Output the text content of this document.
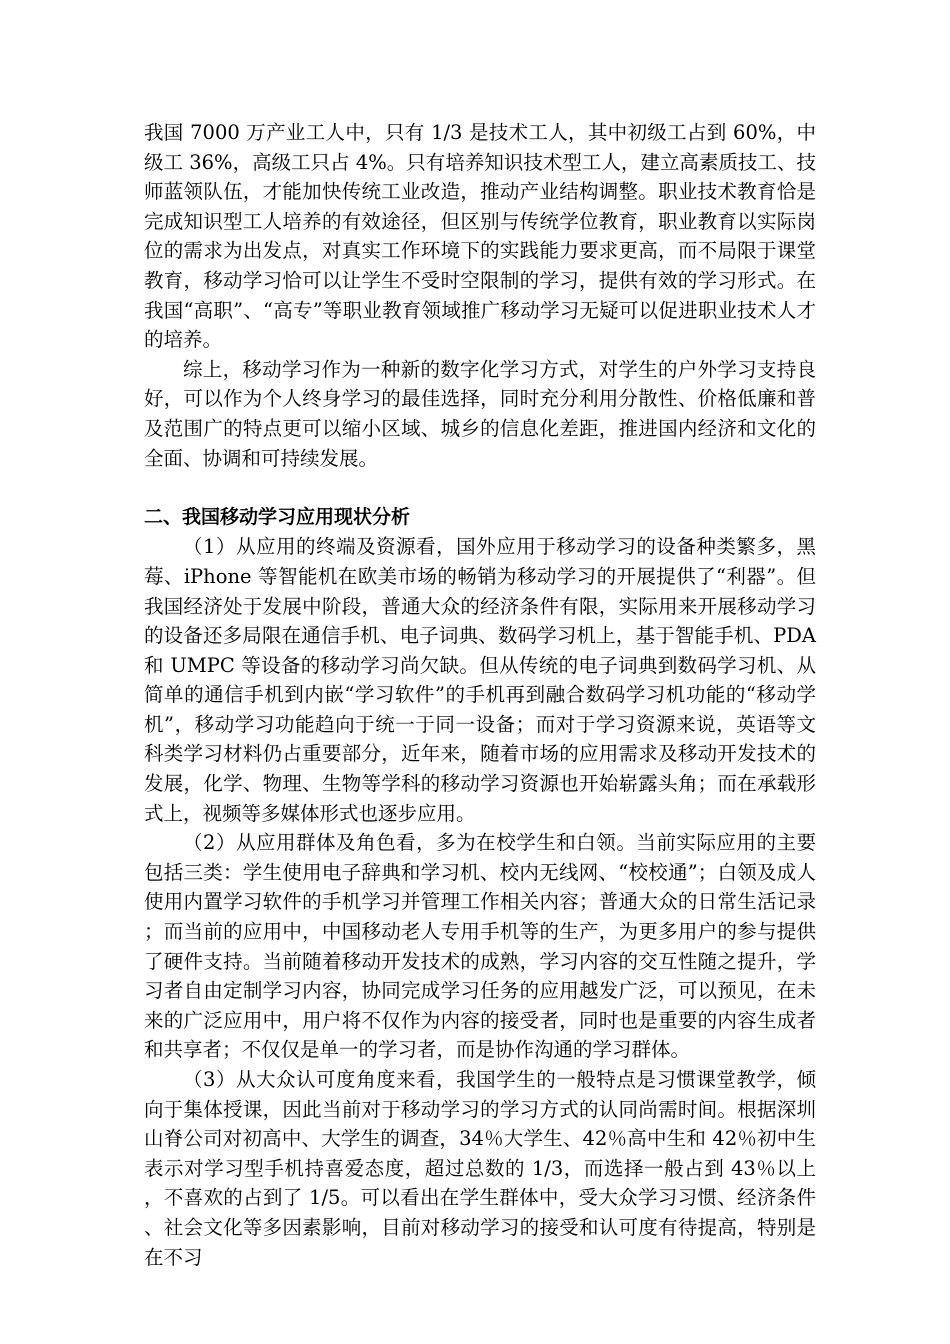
我国 7000 万产业工人中，只有 1/3 是技术工人，其中初级工占到 60%，中级工 36%，高级工只占 4%。只有培养知识技术型工人，建立高素质技工、技师蓝领队伍，才能加快传统工业改造，推动产业结构调整。职业技术教育恰是完成知识型工人培养的有效途径，但区别与传统学位教育，职业教育以实际岗位的需求为出发点，对真实工作环境下的实践能力要求更高，而不局限于课堂教育，移动学习恰可以让学生不受时空限制的学习，提供有效的学习形式。在我国“高职”、“高专”等职业教育领域推广移动学习无疑可以促进职业技术人才的培养。

综上，移动学习作为一种新的数字化学习方式，对学生的户外学习支持良好，可以作为个人终身学习的最佳选择，同时充分利用分散性、价格低廉和普及范围广的特点更可以缩小区域、城乡的信息化差距，推进国内经济和文化的全面、协调和可持续发展。

二、我国移动学习应用现状分析

（1）从应用的终端及资源看，国外应用于移动学习的设备种类繁多，黑莓、iPhone 等智能机在欧美市场的畅销为移动学习的开展提供了“利器”。但我国经济处于发展中阶段，普通大众的经济条件有限，实际用来开展移动学习的设备还多局限在通信手机、电子词典、数码学习机上，基于智能手机、PDA 和 UMPC 等设备的移动学习尚欠缺。但从传统的电子词典到数码学习机、从简单的通信手机到内嵌“学习软件”的手机再到融合数码学习机功能的“移动学机”，移动学习功能趋向于统一于同一设备；而对于学习资源来说，英语等文科类学习材料仍占重要部分，近年来，随着市场的应用需求及移动开发技术的发展，化学、物理、生物等学科的移动学习资源也开始崭露头角；而在承载形式上，视频等多媒体形式也逐步应用。

（2）从应用群体及角色看，多为在校学生和白领。当前实际应用的主要包括三类：学生使用电子辞典和学习机、校内无线网、“校校通”；白领及成人使用内置学习软件的手机学习并管理工作相关内容；普通大众的日常生活记录；而当前的应用中，中国移动老人专用手机等的生产，为更多用户的参与提供了硬件支持。当前随着移动开发技术的成熟，学习内容的交互性随之提升，学习者自由定制学习内容，协同完成学习任务的应用越发广泛，可以预见，在未来的广泛应用中，用户将不仅作为内容的接受者，同时也是重要的内容生成者和共享者；不仅仅是单一的学习者，而是协作沟通的学习群体。

（3）从大众认可度角度来看，我国学生的一般特点是习惯课堂教学，倾向于集体授课，因此当前对于移动学习的学习方式的认同尚需时间。根据深圳山脊公司对初高中、大学生的调查，34％大学生、42％高中生和 42％初中生表示对学习型手机持喜爱态度，超过总数的 1/3，而选择一般占到 43％以上，不喜欢的占到了 1/5。可以看出在学生群体中，受大众学习习惯、经济条件、社会文化等多因素影响，目前对移动学习的接受和认可度有待提高，特别是在不习
